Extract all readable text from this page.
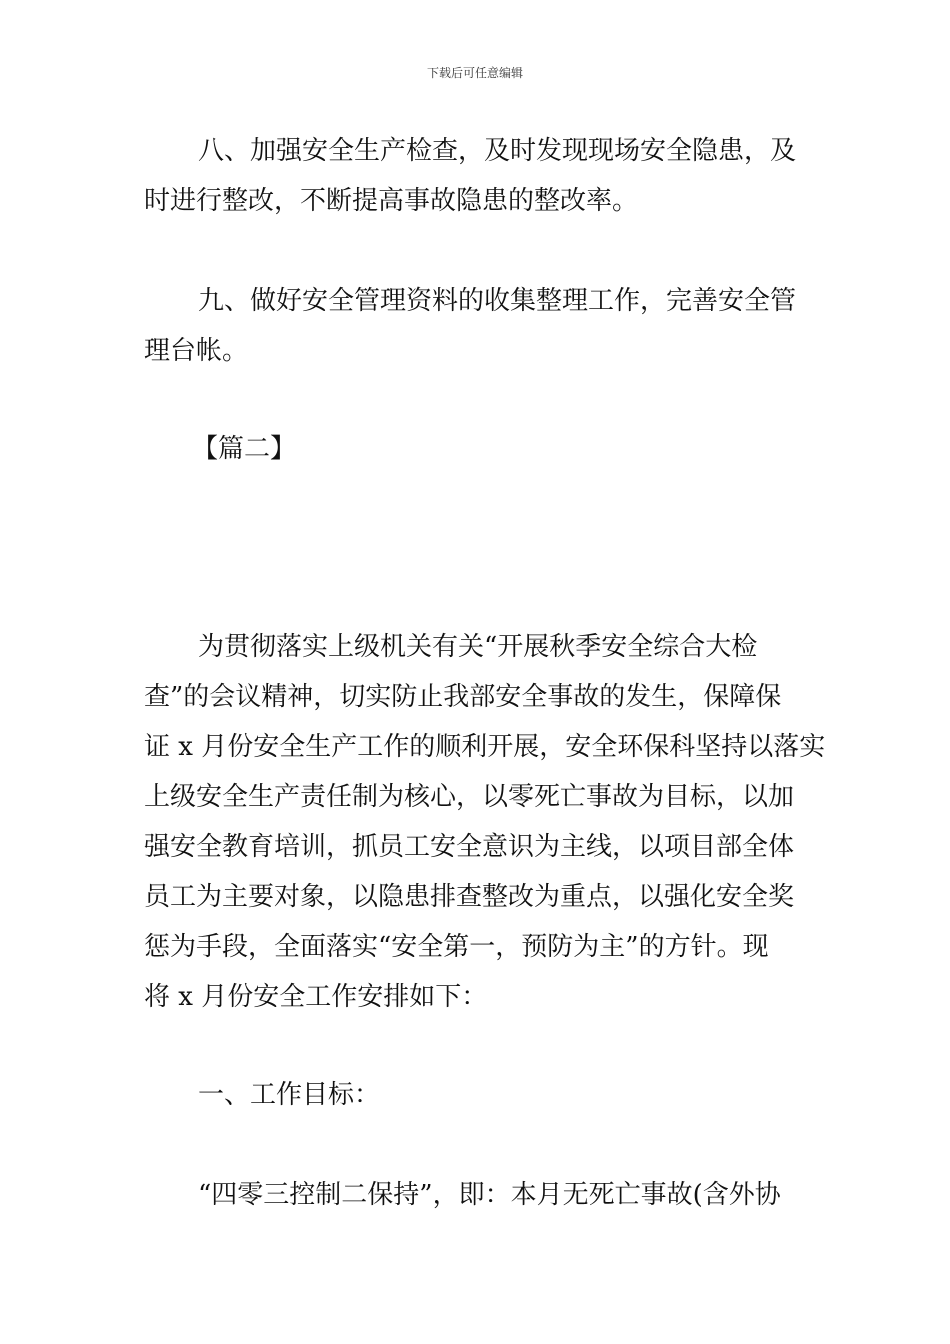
下载后可任意编辑
八、加强安全生产检查，及时发现现场安全隐患，及
时进行整改，不断提高事故隐患的整改率。
九、做好安全管理资料的收集整理工作，完善安全管
理台帐。
【篇二】
为贯彻落实上级机关有关“开展秋季安全综合大检
查”的会议精神，切实防止我部安全事故的发生，保障保
证 x 月份安全生产工作的顺利开展，安全环保科坚持以落实
上级安全生产责任制为核心，以零死亡事故为目标，以加
强安全教育培训，抓员工安全意识为主线，以项目部全体
员工为主要对象，以隐患排查整改为重点，以强化安全奖
惩为手段，全面落实“安全第一，预防为主”的方针。现
将 x 月份安全工作安排如下：
一、工作目标：
“四零三控制二保持”，即：本月无死亡事故(含外协
